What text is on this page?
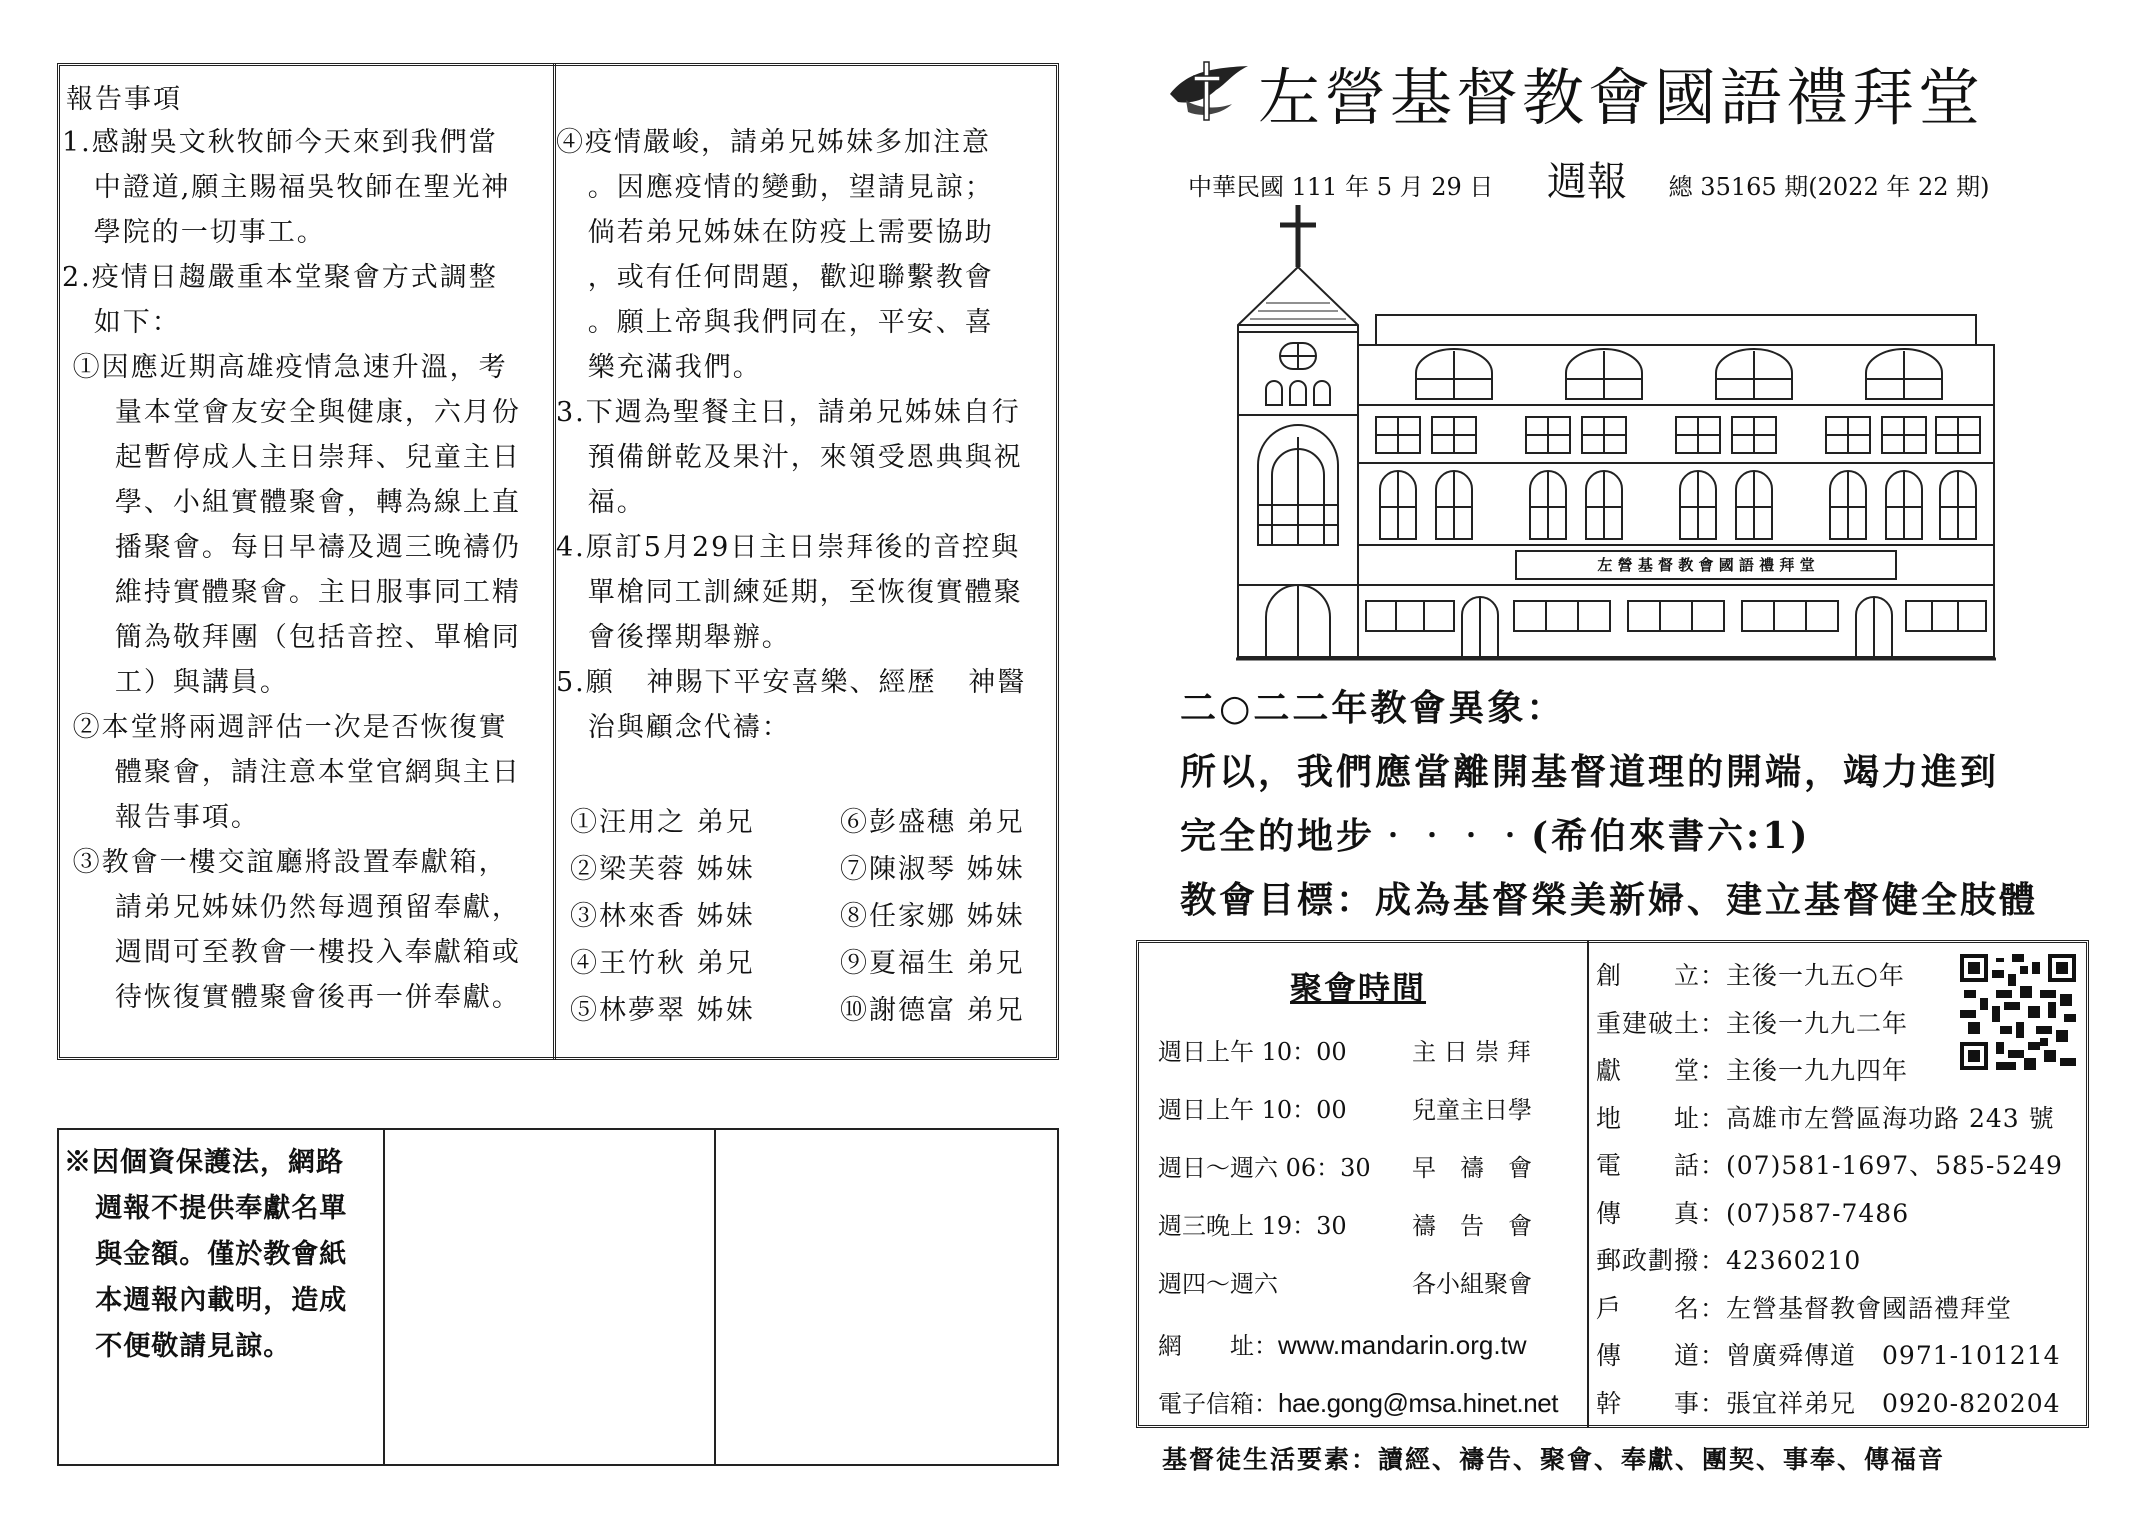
報告事項
1.感謝吳文秋牧師今天來到我們當
中證道,願主賜福吳牧師在聖光神
學院的一切事工。
2.疫情日趨嚴重本堂聚會方式調整
如下：
①因應近期高雄疫情急速升溫，考
量本堂會友安全與健康，六月份
起暫停成人主日崇拜、兒童主日
學、小組實體聚會，轉為線上直
播聚會。每日早禱及週三晚禱仍
維持實體聚會。主日服事同工精
簡為敬拜團（包括音控、單槍同
工）與講員。
②本堂將兩週評估一次是否恢復實
體聚會，請注意本堂官網與主日
報告事項。
③教會一樓交誼廳將設置奉獻箱，
請弟兄姊妹仍然每週預留奉獻，
週間可至教會一樓投入奉獻箱或
待恢復實體聚會後再一併奉獻。
④疫情嚴峻，請弟兄姊妹多加注意
。因應疫情的變動，望請見諒；
倘若弟兄姊妹在防疫上需要協助
，或有任何問題，歡迎聯繫教會
。願上帝與我們同在，平安、喜
樂充滿我們。
3.下週為聖餐主日，請弟兄姊妹自行
預備餅乾及果汁，來領受恩典與祝
福。
4.原訂5月29日主日崇拜後的音控與
單槍同工訓練延期，至恢復實體聚
會後擇期舉辦。
5.願   神賜下平安喜樂、經歷   神醫
治與顧念代禱：
①汪用之 弟兄	⑥彭盛穗 弟兄
②梁芙蓉 姊妹	⑦陳淑琴 姊妹
③林來香 姊妹	⑧任家娜 姊妹
④王竹秋 弟兄	⑨夏福生 弟兄
⑤林夢翠 姊妹	⑩謝德富 弟兄
※因個資保護法，網路
週報不提供奉獻名單
與金額。僅於教會紙
本週報內載明，造成
不便敬請見諒。
左營基督教會國語禮拜堂
中華民國 111 年 5 月 29 日 週報 總 35165 期(2022 年 22 期)
左 營 基 督 教 會 國 語 禮 拜 堂
二○二二年教會異象：
所以，我們應當離開基督道理的開端，竭力進到
完全的地步‧‧‧‧(希伯來書六:1)
教會目標：成為基督榮美新婦、建立基督健全肢體
聚會時間
週日上午 10：00	主 日 崇 拜
週日上午 10：00	兒童主日學
週日～週六 06：30 早　禱　會
週三晚上 19：30	禱　告　會
週四～週六	各小組聚會
網　　址：www.mandarin.org.tw
電子信箱：hae.gong@msa.hinet.net
創　　立：主後一九五○年
重建破土：主後一九九二年
獻　　堂：主後一九九四年
地　　址：高雄市左營區海功路 243 號
電　　話：(07)581-1697、585-5249
傳　　真：(07)587-7486
郵政劃撥：42360210
戶　　名：左營基督教會國語禮拜堂
傳　　道：曾廣舜傳道　0971-101214
幹　　事：張宜祥弟兄　0920-820204
基督徒生活要素：讀經、禱告、聚會、奉獻、團契、事奉、傳福音
